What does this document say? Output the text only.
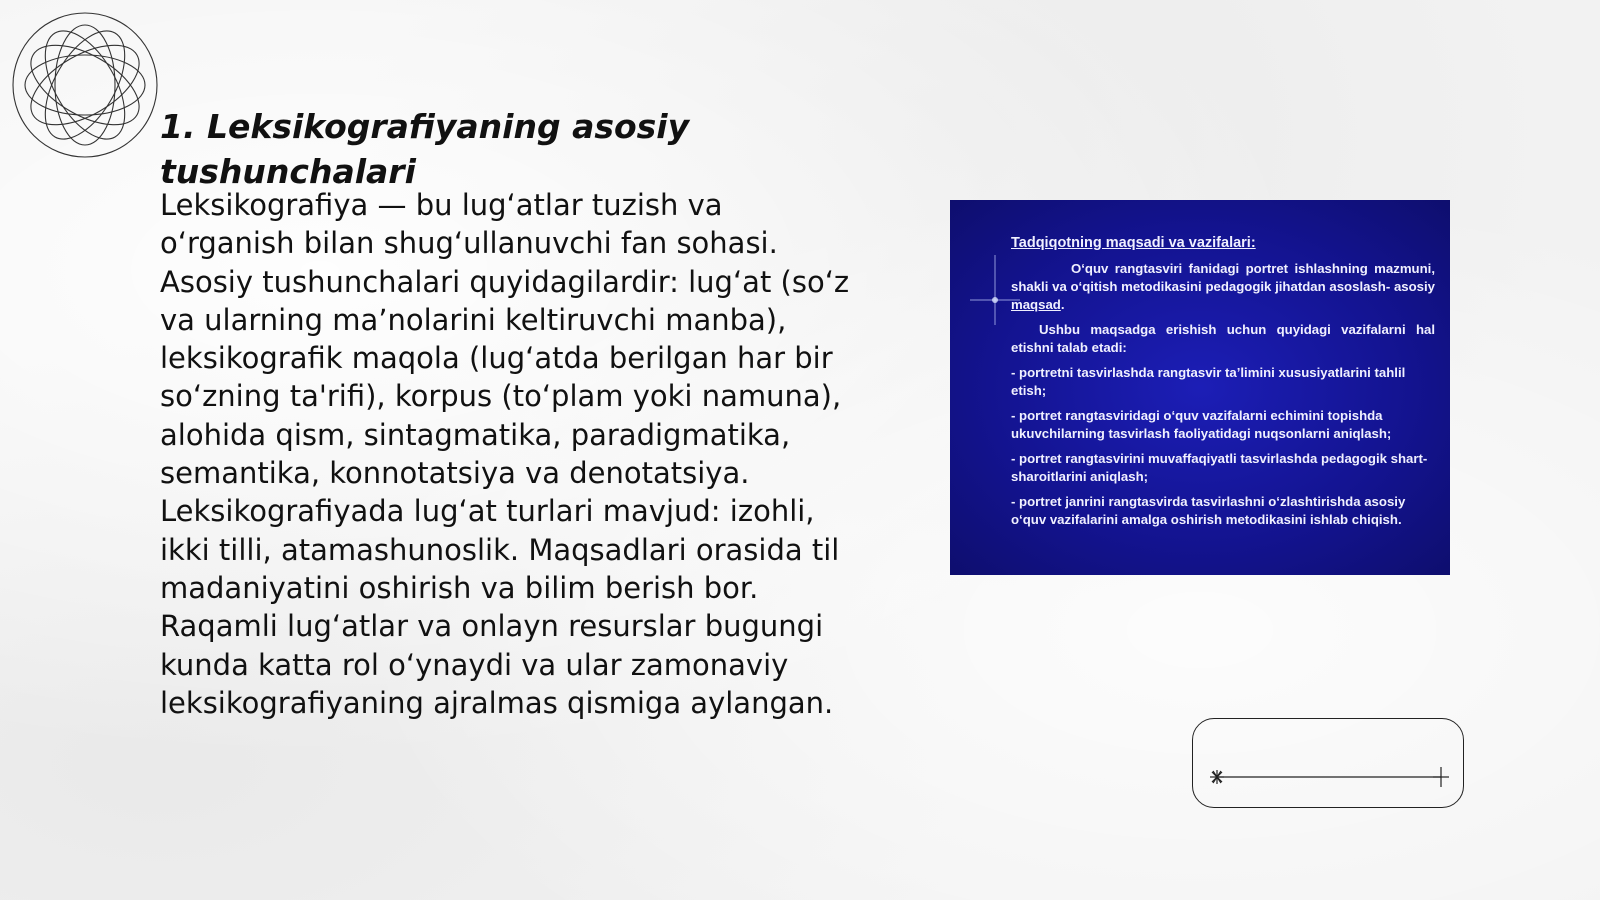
1. Leksikografiyaning asosiy tushunchalari

Leksikografiya — bu lug‘atlar tuzish va o‘rganish bilan shug‘ullanuvchi fan sohasi. Asosiy tushunchalari quyidagilardir: lug‘at (so‘z va ularning ma’nolarini keltiruvchi manba), leksikografik maqola (lug‘atda berilgan har bir so‘zning ta'rifi), korpus (to‘plam yoki namuna), alohida qism, sintagmatika, paradigmatika, semantika, konnotatsiya va denotatsiya. Leksikografiyada lug‘at turlari mavjud: izohli, ikki tilli, atamashunoslik. Maqsadlari orasida til madaniyatini oshirish va bilim berish bor. Raqamli lug‘atlar va onlayn resurslar bugungi kunda katta rol o‘ynaydi va ular zamonaviy leksikografiyaning ajralmas qismiga aylangan.

Tadqiqotning maqsadi va vazifalari:

O‘quv rangtasviri fanidagi portret ishlashning mazmuni, shakli va o‘qitish metodikasini pedagogik jihatdan asoslash- asosiy maqsad.

Ushbu maqsadga erishish uchun quyidagi vazifalarni hal etishni talab etadi:

- portretni tasvirlashda rangtasvir ta’limini xususiyatlarini tahlil etish;

- portret rangtasviridagi o‘quv vazifalarni echimini topishda ukuvchilarning tasvirlash faoliyatidagi nuqsonlarni aniqlash;

- portret rangtasvirini muvaffaqiyatli tasvirlashda pedagogik shart-sharoitlarini aniqlash;

- portret janrini rangtasvirda tasvirlashni o‘zlashtirishda asosiy o‘quv vazifalarini amalga oshirish metodikasini ishlab chiqish.
